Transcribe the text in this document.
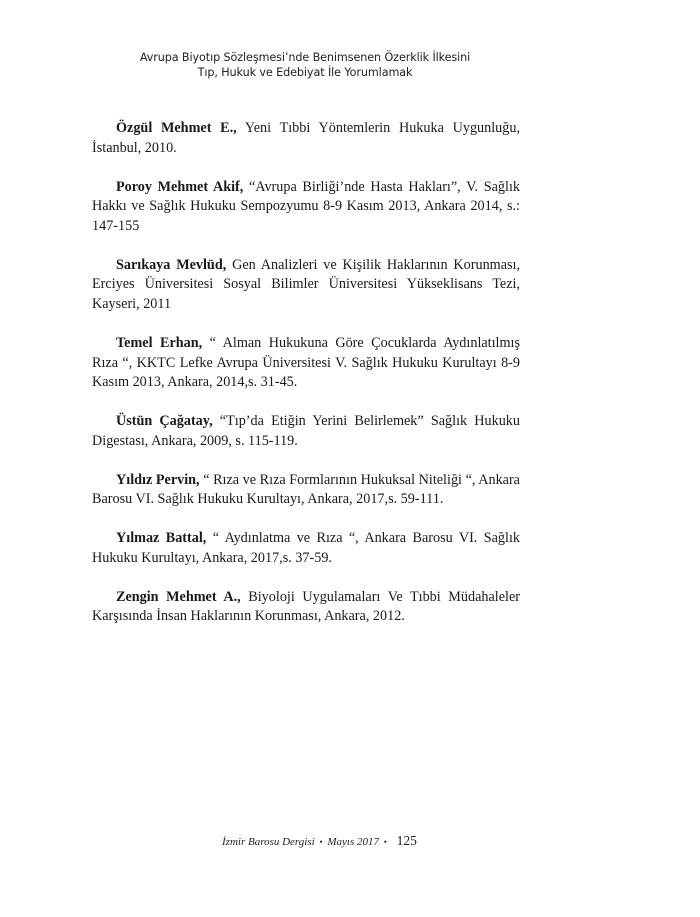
Avrupa Biyotıp Sözleşmesi’nde Benimsenen Özerklik İlkesini
Tıp, Hukuk ve Edebiyat İle Yorumlamak

Özgül Mehmet E., Yeni Tıbbi Yöntemlerin Hukuka Uygunluğu, İstanbul, 2010.

Poroy Mehmet Akif, “Avrupa Birliği’nde Hasta Hakları”, V. Sağlık Hakkı ve Sağlık Hukuku Sempozyumu 8-9 Kasım 2013, Ankara 2014, s.: 147-155

Sarıkaya Mevlüd, Gen Analizleri ve Kişilik Haklarının Korunması, Erciyes Üniversitesi Sosyal Bilimler Üniversitesi Yükseklisans Tezi, Kayseri, 2011

Temel Erhan, “ Alman Hukukuna Göre Çocuklarda Aydınlatılmış Rıza “, KKTC Lefke Avrupa Üniversitesi V. Sağlık Hukuku Kurultayı 8-9 Kasım 2013, Ankara, 2014,s. 31-45.

Üstün Çağatay, “Tıp’da Etiğin Yerini Belirlemek” Sağlık Hukuku Digestası, Ankara, 2009, s. 115-119.

Yıldız Pervin, “ Rıza ve Rıza Formlarının Hukuksal Niteliği “, Ankara Barosu VI. Sağlık Hukuku Kurultayı, Ankara, 2017,s. 59-111.

Yılmaz Battal, “ Aydınlatma ve Rıza “, Ankara Barosu VI. Sağlık Hukuku Kurultayı, Ankara, 2017,s. 37-59.

Zengin Mehmet A., Biyoloji Uygulamaları Ve Tıbbi Müdahaleler Karşısında İnsan Haklarının Korunması, Ankara, 2012.

İzmir Barosu Dergisi • Mayıs 2017 • 125
